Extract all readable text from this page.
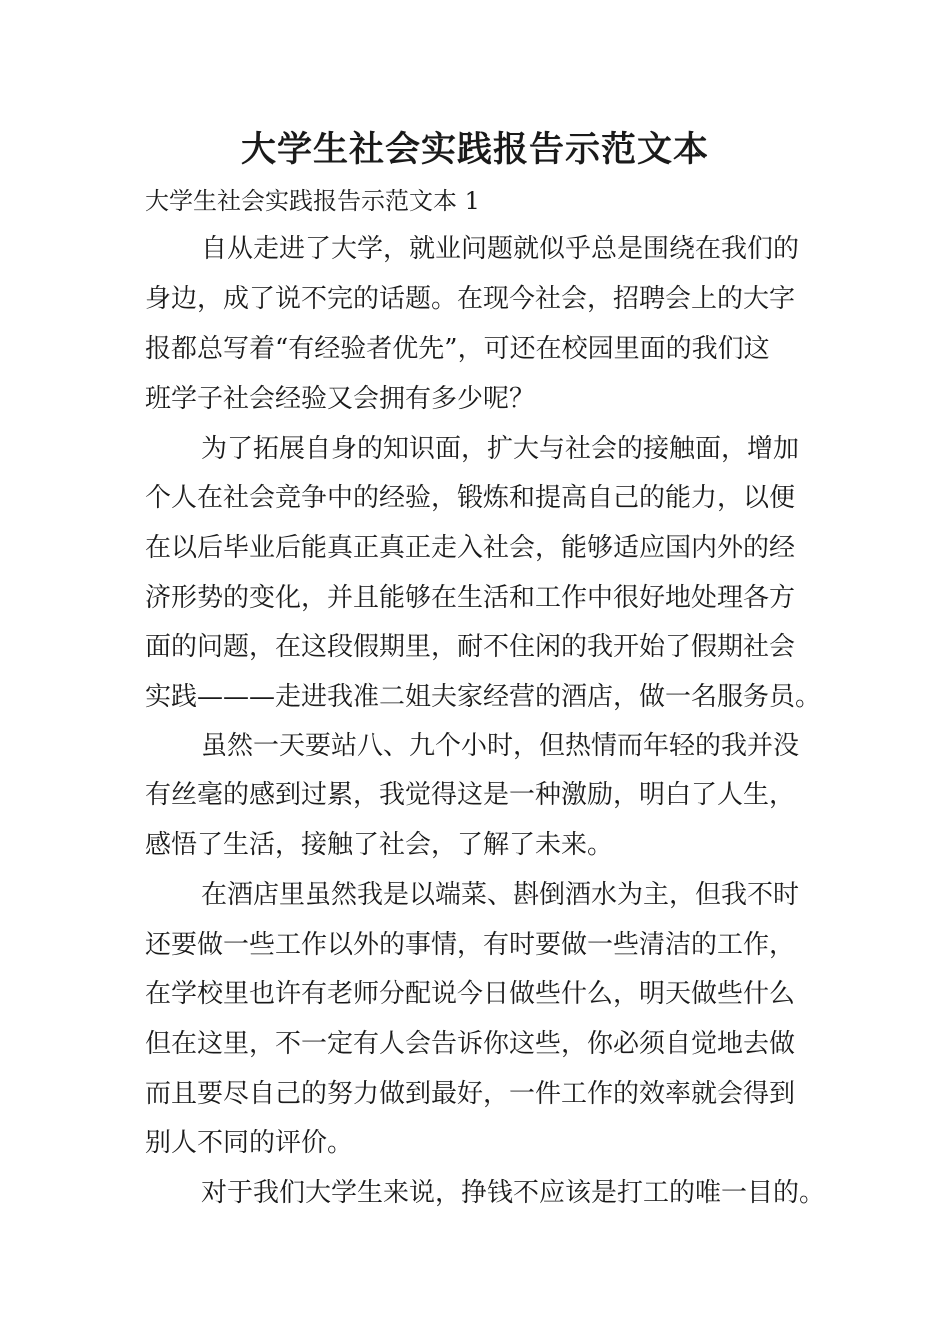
大学生社会实践报告示范文本
大学生社会实践报告示范文本 1
自从走进了大学，就业问题就似乎总是围绕在我们的
身边，成了说不完的话题。在现今社会，招聘会上的大字
报都总写着“有经验者优先”，可还在校园里面的我们这
班学子社会经验又会拥有多少呢？
为了拓展自身的知识面，扩大与社会的接触面，增加
个人在社会竞争中的经验，锻炼和提高自己的能力，以便
在以后毕业后能真正真正走入社会，能够适应国内外的经
济形势的变化，并且能够在生活和工作中很好地处理各方
面的问题，在这段假期里，耐不住闲的我开始了假期社会
实践———走进我准二姐夫家经营的酒店，做一名服务员。
虽然一天要站八、九个小时，但热情而年轻的我并没
有丝毫的感到过累，我觉得这是一种激励，明白了人生，
感悟了生活，接触了社会，了解了未来。
在酒店里虽然我是以端菜、斟倒酒水为主，但我不时
还要做一些工作以外的事情，有时要做一些清洁的工作，
在学校里也许有老师分配说今日做些什么，明天做些什么
但在这里，不一定有人会告诉你这些，你必须自觉地去做
而且要尽自己的努力做到最好，一件工作的效率就会得到
别人不同的评价。
对于我们大学生来说，挣钱不应该是打工的唯一目的。
